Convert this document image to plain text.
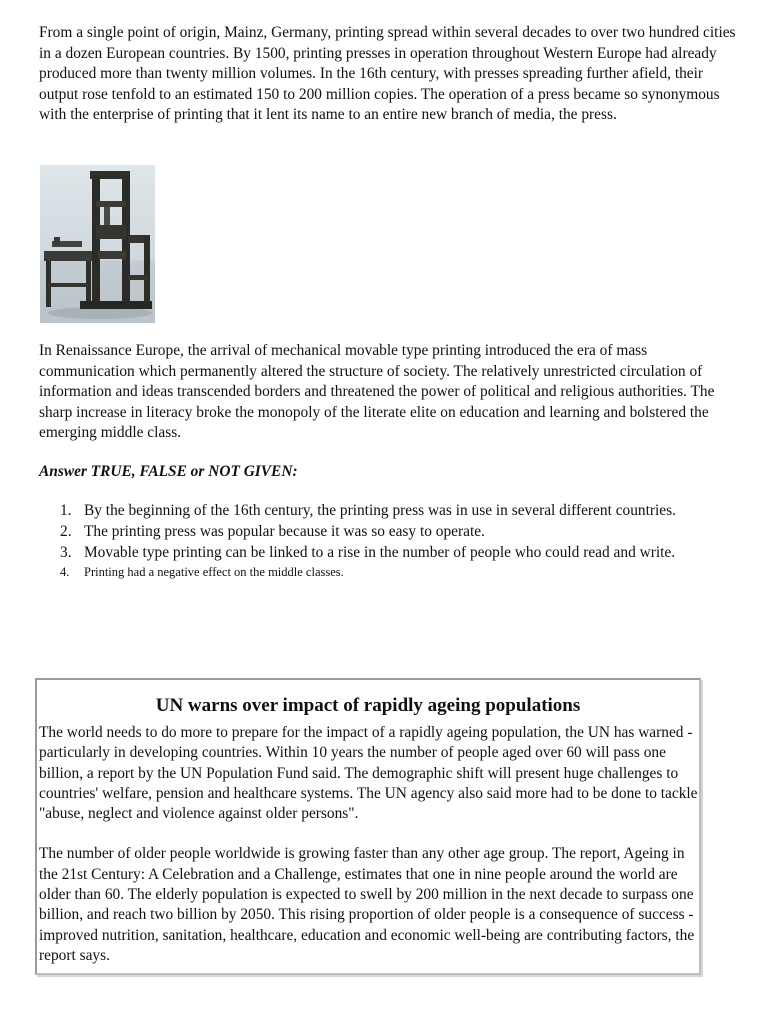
From a single point of origin, Mainz, Germany, printing spread within several decades to over two hundred cities in a dozen European countries. By 1500, printing presses in operation throughout Western Europe had already produced more than twenty million volumes. In the 16th century, with presses spreading further afield, their output rose tenfold to an estimated 150 to 200 million copies. The operation of a press became so synonymous with the enterprise of printing that it lent its name to an entire new branch of media, the press.

In Renaissance Europe, the arrival of mechanical movable type printing introduced the era of mass communication which permanently altered the structure of society. The relatively unrestricted circulation of information and ideas transcended borders and threatened the power of political and religious authorities. The sharp increase in literacy broke the monopoly of the literate elite on education and learning and bolstered the emerging middle class.

Answer TRUE, FALSE or NOT GIVEN:

1. By the beginning of the 16th century, the printing press was in use in several different countries.
2. The printing press was popular because it was so easy to operate.
3. Movable type printing can be linked to a rise in the number of people who could read and write.
4. Printing had a negative effect on the middle classes.
UN warns over impact of rapidly ageing populations

The world needs to do more to prepare for the impact of a rapidly ageing population, the UN has warned - particularly in developing countries. Within 10 years the number of people aged over 60 will pass one billion, a report by the UN Population Fund said. The demographic shift will present huge challenges to countries' welfare, pension and healthcare systems. The UN agency also said more had to be done to tackle "abuse, neglect and violence against older persons".

The number of older people worldwide is growing faster than any other age group. The report, Ageing in the 21st Century: A Celebration and a Challenge, estimates that one in nine people around the world are older than 60. The elderly population is expected to swell by 200 million in the next decade to surpass one billion, and reach two billion by 2050. This rising proportion of older people is a consequence of success - improved nutrition, sanitation, healthcare, education and economic well-being are contributing factors, the report says.
